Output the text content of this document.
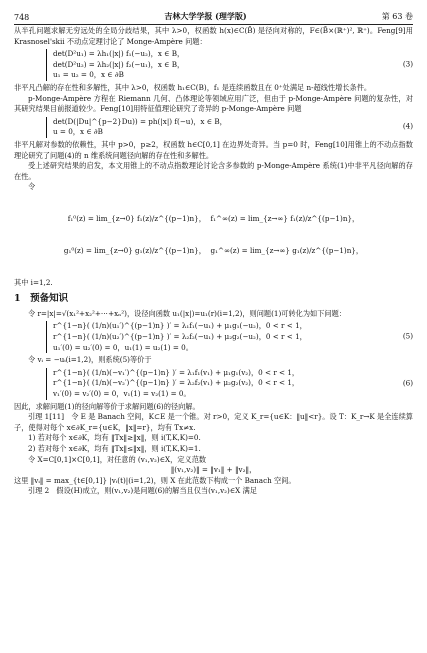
748	吉林大学学报 (理学版)	第 63 卷

从半孔问题求解无穷远处的全局分歧结果，其中 λ>0，权函数 h(x)∈C(B̄) 是径向对称的，F∈(B̄×(ℝ⁺)², ℝ⁺)。Feng[9]用 Krasnosel'skii 不动点定理讨论了 Monge-Ampère 问题：

det(D²u₁) = λh₁(|x|) f₁(−u₂)，x ∈ B，
det(D²u₂) = λh₂(|x|) f₂(−u₁)，x ∈ B，
u₁ = u₂ = 0，x ∈ ∂B
(3)

非平凡凸解的存在性和多解性，其中 λ>0，权函数 h₁∈C(B)，f₁ 是连续函数且在 0⁺处满足 n-超线性增长条件。

p-Monge-Ampère 方程在 Riemann 几何、凸体理论等领域应用广泛，但由于 p-Monge-Ampère 问题的复杂性，对其研究结果目前报道较少。Feng[10]用特征值理论研究了奇异的 p-Monge-Ampère 问题

det(D(|Du|^{p−2}Du)) = ph(|x|) f(−u)，x ∈ B，
u = 0，x ∈ ∂B
(4)

非平凡解对参数的依赖性，其中 p>0，p≥2，权函数 h∈C[0,1] 在边界处奇异。当 p=0 时，Feng[10]用锥上的不动点指数理论研究了问题(4)的 n 维系统问题径向解的存在性和多解性。

受上述研究结果的启发，本文用锥上的不动点指数理论讨论含多参数的 p-Monge-Ampère 系统(1)中非平凡径向解的存在性。

令

f₁⁰(z) = lim_{z→0} f₁(z)/z^{(p−1)n}，  f₁^∞(z) = lim_{z→∞} f₁(z)/z^{(p−1)n}，

g₁⁰(z) = lim_{z→0} g₁(z)/z^{(p−1)n}，  g₁^∞(z) = lim_{z→∞} g₁(z)/z^{(p−1)n}，

其中 i=1,2.

1　预备知识

令 r=|x|=√(x₁²+x₂²+⋯+xₙ²)，设径向函数 u₁(|x|)=u₁(r)(i=1,2)，则问题(1)可转化为如下问题：

r^{1−n}( (1/n)(u₁′)^{(p−1)n} )′ = λ₁f₁(−u₁) + μ₁g₁(−u₂)，0 < r < 1，
r^{1−n}( (1/n)(u₂′)^{(p−1)n} )′ = λ₂f₂(−u₁) + μ₂g₂(−u₂)，0 < r < 1，
u₁′(0) = u₂′(0) = 0，u₁(1) = u₂(1) = 0。
(5)

令 vᵢ = −uᵢ(i=1,2)，则系统(5)等价于

r^{1−n}( (1/n)(−v₁′)^{(p−1)n} )′ = λ₁f₁(v₁) + μ₁g₁(v₂)，0 < r < 1，
r^{1−n}( (1/n)(−v₂′)^{(p−1)n} )′ = λ₂f₂(v₁) + μ₂g₂(v₂)，0 < r < 1，
v₁′(0) = v₂′(0) = 0，v₁(1) = v₂(1) = 0。
(6)

因此，求解问题(1)的径向解等价于求解问题(6)的径向解。

引理 1[11]　令 E 是 Banach 空间，K⊂E 是一个锥。对 r>0，定义 K_r={u∈K：‖u‖<r}。设 T：K_r→K 是全连续算子，使得对每个 x∈∂K_r={u∈K，‖x‖=r}，均有 Tx≠x.

1) 若对每个 x∈∂K，均有 ‖Tx‖≥‖x‖，则 i(T,K,K)=0.

2) 若对每个 x∈∂K，均有 ‖Tx‖≤‖x‖，则 i(T,K,K)=1.

令 X=C[0,1]×C[0,1]，对任意的 (v₁,v₂)∈X，定义范数

‖(v₁,v₂)‖ = ‖v₁‖ + ‖v₂‖，

这里 ‖vᵢ‖ = max_{t∈[0,1]} |vᵢ(t)|(i=1,2)，则 X 在此范数下构成一个 Banach 空间。

引理 2　假设(H)成立，则(v₁,v₂)是问题(6)的解当且仅当(v₁,v₂)∈X 满足
